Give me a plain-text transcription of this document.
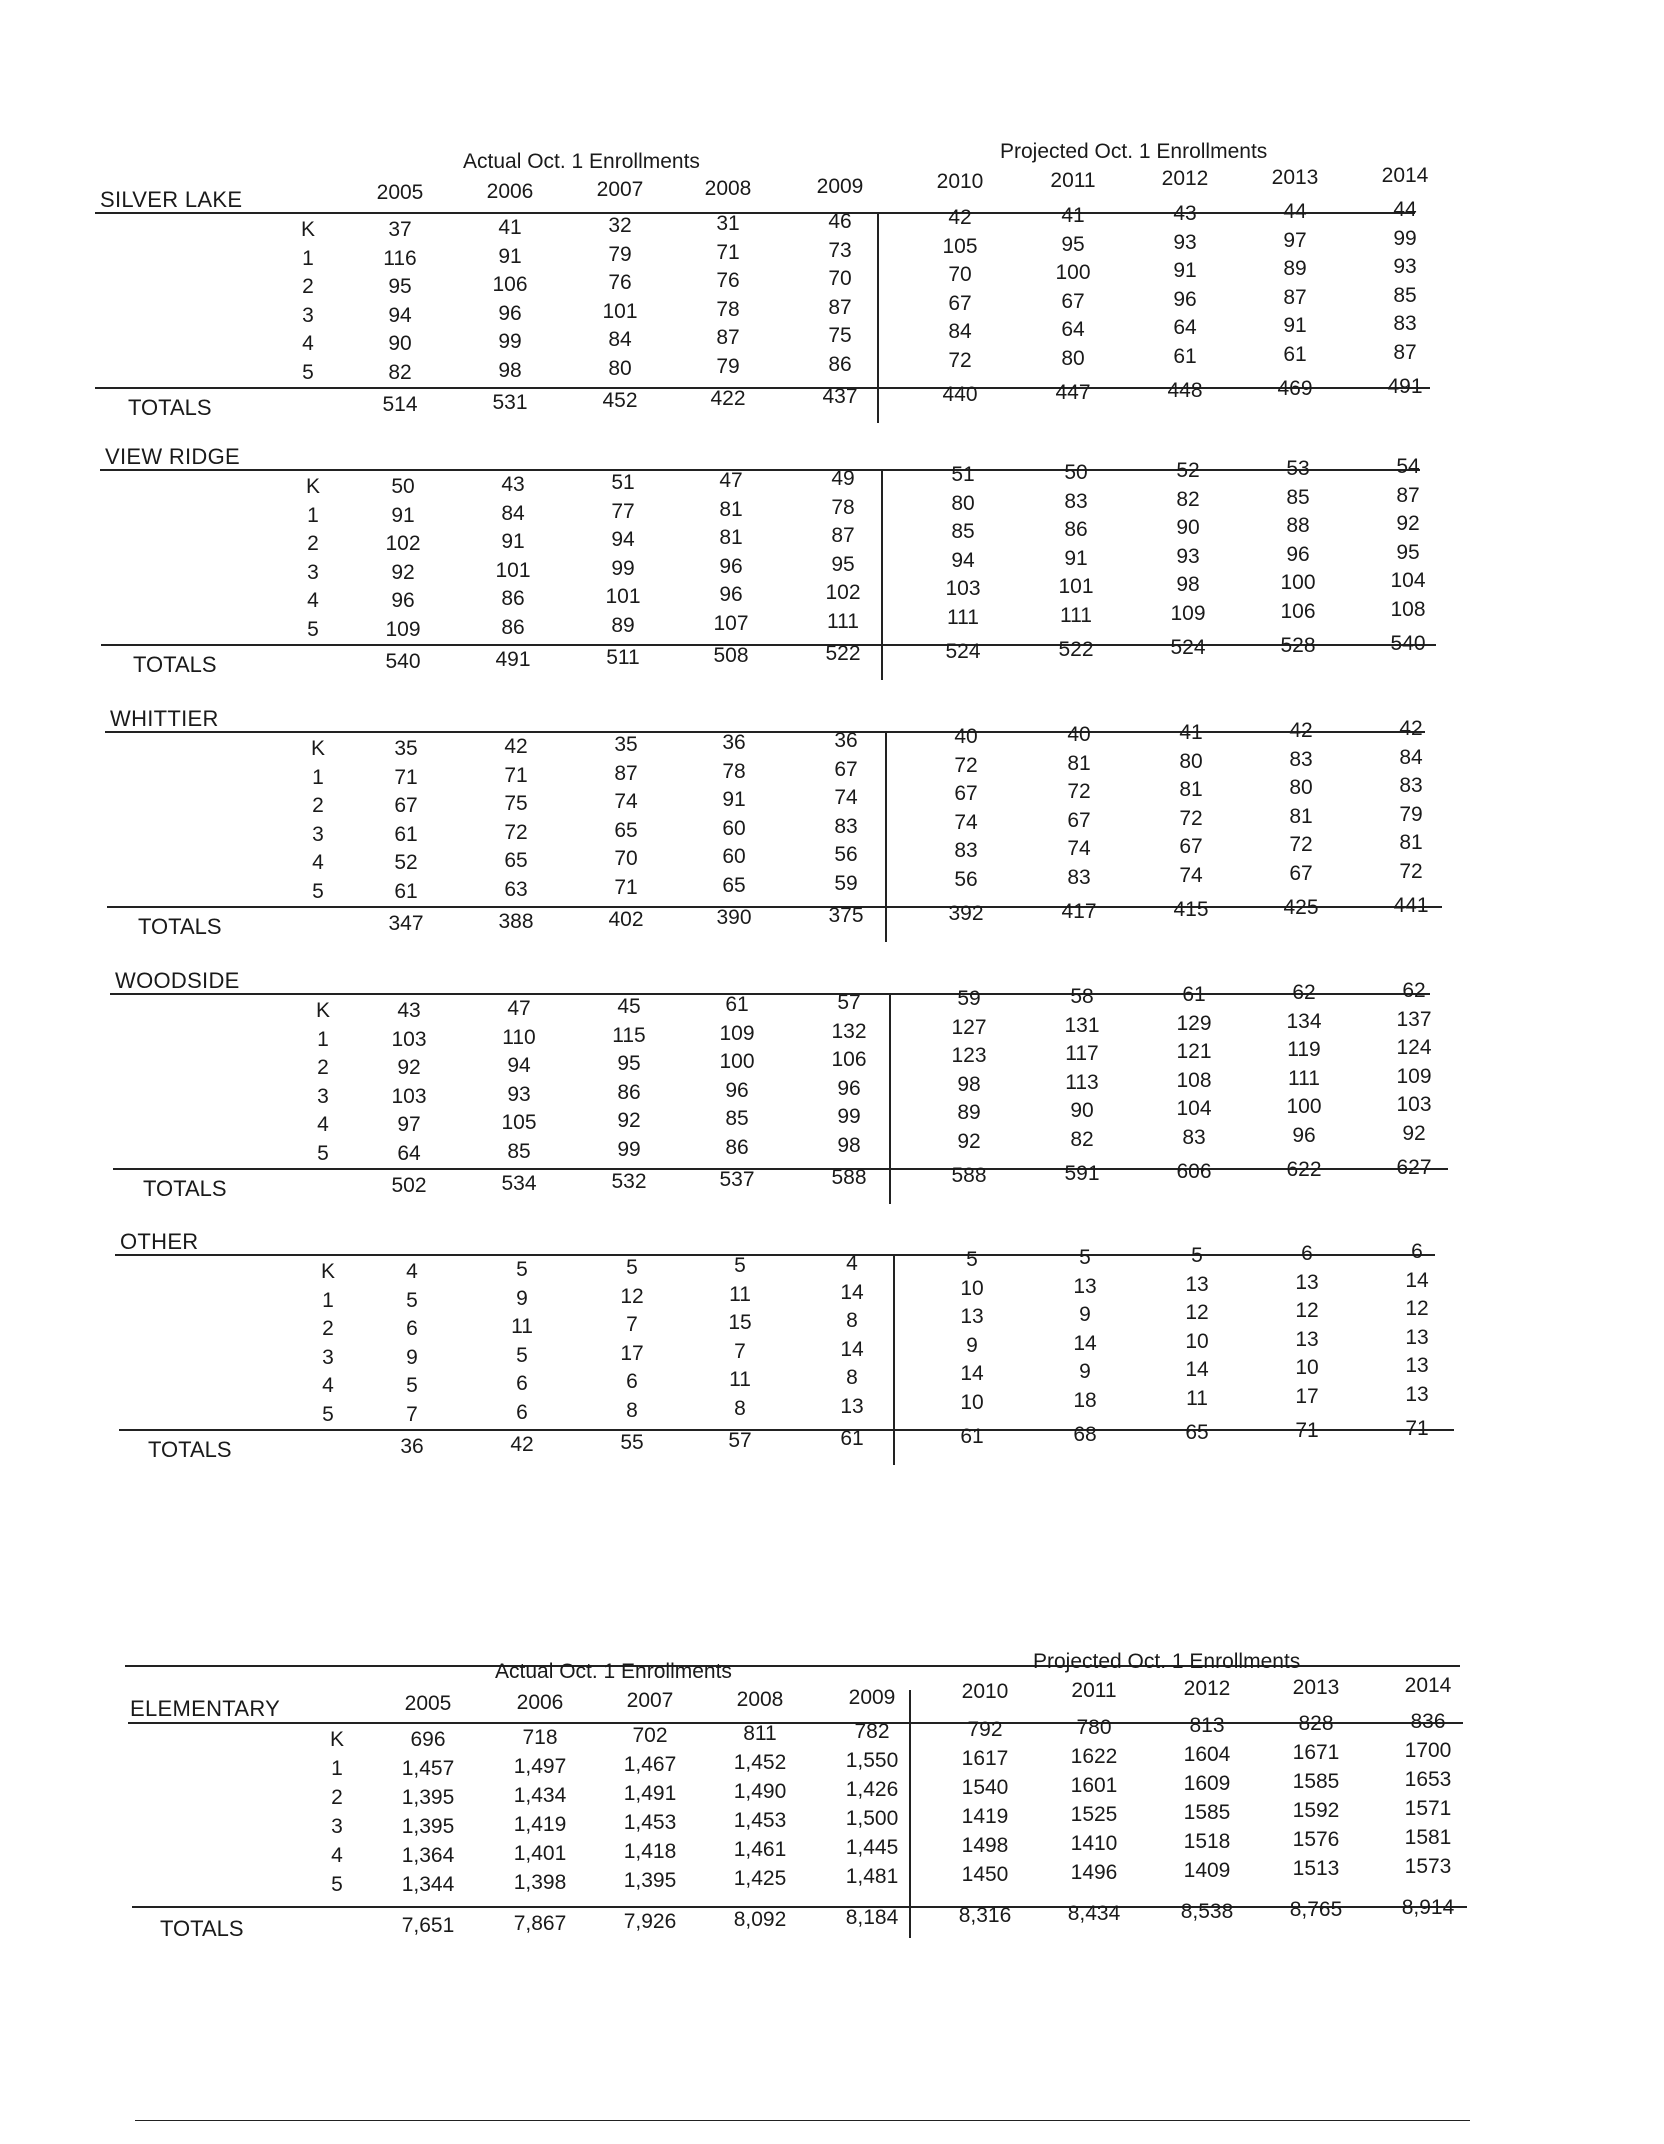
Actual Oct. 1 Enrollments	Projected Oct. 1 Enrollments
2005	2006	2007	2008	2009	2010	2011	2012	2013	2014
SILVER LAKE
K	37	41	32	31	46	42	41	43	44	44
1	116	91	79	71	73	105	95	93	97	99
2	95	106	76	76	70	70	100	91	89	93
3	94	96	101	78	87	67	67	96	87	85
4	90	99	84	87	75	84	64	64	91	83
5	82	98	80	79	86	72	80	61	61	87
TOTALS	514	531	452	422	437	440	447	448	469	491
VIEW RIDGE
K	50	43	51	47	49	51	50	52	53	54
1	91	84	77	81	78	80	83	82	85	87
2	102	91	94	81	87	85	86	90	88	92
3	92	101	99	96	95	94	91	93	96	95
4	96	86	101	96	102	103	101	98	100	104
5	109	86	89	107	111	111	111	109	106	108
TOTALS	540	491	511	508	522	524	522	524	528	540
WHITTIER
K	35	42	35	36	36	40	40	41	42	42
1	71	71	87	78	67	72	81	80	83	84
2	67	75	74	91	74	67	72	81	80	83
3	61	72	65	60	83	74	67	72	81	79
4	52	65	70	60	56	83	74	67	72	81
5	61	63	71	65	59	56	83	74	67	72
TOTALS	347	388	402	390	375	392	417	415	425	441
WOODSIDE
K	43	47	45	61	57	59	58	61	62	62
1	103	110	115	109	132	127	131	129	134	137
2	92	94	95	100	106	123	117	121	119	124
3	103	93	86	96	96	98	113	108	111	109
4	97	105	92	85	99	89	90	104	100	103
5	64	85	99	86	98	92	82	83	96	92
TOTALS	502	534	532	537	588	588	591	606	622	627
OTHER
K	4	5	5	5	4	5	5	5	6	6
1	5	9	12	11	14	10	13	13	13	14
2	6	11	7	15	8	13	9	12	12	12
3	9	5	17	7	14	9	14	10	13	13
4	5	6	6	11	8	14	9	14	10	13
5	7	6	8	8	13	10	18	11	17	13
TOTALS	36	42	55	57	61	61	68	65	71	71
Actual Oct. 1 Enrollments	Projected Oct. 1 Enrollments
ELEMENTARY	2005	2006	2007	2008	2009	2010	2011	2012	2013	2014
K	696	718	702	811	782	792	780	813	828	836
1	1,457	1,497	1,467	1,452	1,550	1617	1622	1604	1671	1700
2	1,395	1,434	1,491	1,490	1,426	1540	1601	1609	1585	1653
3	1,395	1,419	1,453	1,453	1,500	1419	1525	1585	1592	1571
4	1,364	1,401	1,418	1,461	1,445	1498	1410	1518	1576	1581
5	1,344	1,398	1,395	1,425	1,481	1450	1496	1409	1513	1573
TOTALS	7,651	7,867	7,926	8,092	8,184	8,316	8,434	8,538	8,765	8,914
